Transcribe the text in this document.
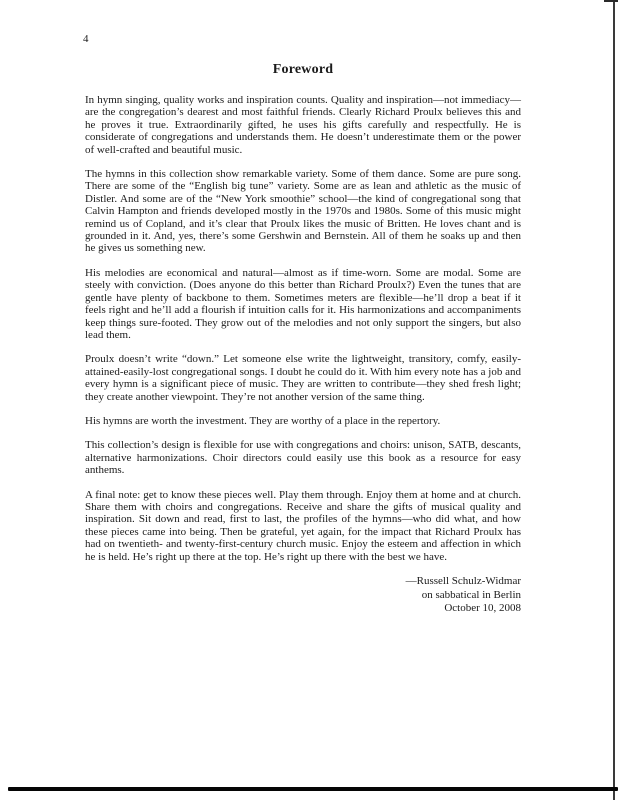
4
Foreword

In hymn singing, quality works and inspiration counts. Quality and inspiration—not immediacy—are the congregation’s dearest and most faithful friends. Clearly Richard Proulx believes this and he proves it true. Extraordinarily gifted, he uses his gifts carefully and respectfully. He is considerate of congregations and understands them. He doesn’t underestimate them or the power of well-crafted and beautiful music.

The hymns in this collection show remarkable variety. Some of them dance. Some are pure song. There are some of the “English big tune” variety. Some are as lean and athletic as the music of Distler. And some are of the “New York smoothie” school—the kind of congregational song that Calvin Hampton and friends developed mostly in the 1970s and 1980s. Some of this music might remind us of Copland, and it’s clear that Proulx likes the music of Britten. He loves chant and is grounded in it. And, yes, there’s some Gershwin and Bernstein. All of them he soaks up and then he gives us something new.

His melodies are economical and natural—almost as if time-worn. Some are modal. Some are steely with conviction. (Does anyone do this better than Richard Proulx?) Even the tunes that are gentle have plenty of backbone to them. Sometimes meters are flexible—he’ll drop a beat if it feels right and he’ll add a flourish if intuition calls for it. His harmonizations and accompaniments keep things sure-footed. They grow out of the melodies and not only support the singers, but also lead them.

Proulx doesn’t write “down.” Let someone else write the lightweight, transitory, comfy, easily-attained-easily-lost congregational songs. I doubt he could do it. With him every note has a job and every hymn is a significant piece of music. They are written to contribute—they shed fresh light; they create another viewpoint. They’re not another version of the same thing.

His hymns are worth the investment. They are worthy of a place in the repertory.

This collection’s design is flexible for use with congregations and choirs: unison, SATB, descants, alternative harmonizations. Choir directors could easily use this book as a resource for easy anthems.

A final note: get to know these pieces well. Play them through. Enjoy them at home and at church. Share them with choirs and congregations. Receive and share the gifts of musical quality and inspiration. Sit down and read, first to last, the profiles of the hymns—who did what, and how these pieces came into being. Then be grateful, yet again, for the impact that Richard Proulx has had on twentieth- and twenty-first-century church music. Enjoy the esteem and affection in which he is held. He’s right up there at the top. He’s right up there with the best we have.

—Russell Schulz-Widmar
on sabbatical in Berlin
October 10, 2008
